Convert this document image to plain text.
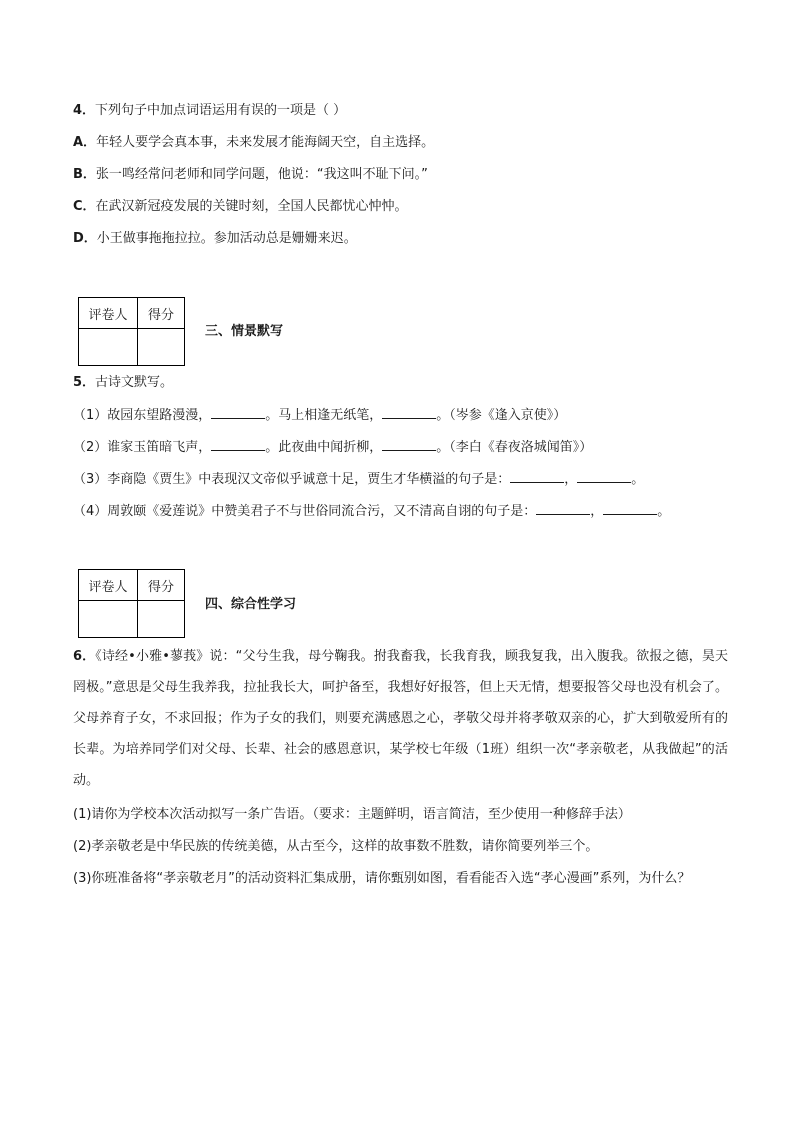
4．下列句子中加点词语运用有误的一项是（ ）
A．年轻人要学会真本事，未来发展才能海阔天空，自主选择。
B．张一鸣经常问老师和同学问题，他说：“我这叫不耻下问。”
C．在武汉新冠疫发展的关键时刻，全国人民都忧心忡忡。
D．小王做事拖拖拉拉。参加活动总是姗姗来迟。
评卷人	得分

三、情景默写
5．古诗文默写。
（1）故园东望路漫漫，	。马上相逢无纸笔，	。（岑参《逢入京使》）
（2）谁家玉笛暗飞声，	。此夜曲中闻折柳，	。（李白《春夜洛城闻笛》）
（3）李商隐《贾生》中表现汉文帝似乎诚意十足，贾生才华横溢的句子是：	，	。
（4）周敦颐《爱莲说》中赞美君子不与世俗同流合污，又不清高自诩的句子是：	，	。
评卷人	得分

四、综合性学习
6．《诗经•小雅•蓼莪》说：“父兮生我，母兮鞠我。拊我畜我，长我育我，顾我复我，出入腹我。欲报之德，昊天罔极。”意思是父母生我养我，拉扯我长大，呵护备至，我想好好报答，但上天无情，想要报答父母也没有机会了。父母养育子女，不求回报；作为子女的我们，则要充满感恩之心，孝敬父母并将孝敬双亲的心，扩大到敬爱所有的长辈。为培养同学们对父母、长辈、社会的感恩意识，某学校七年级（1班）组织一次“孝亲敬老，从我做起”的活动。
(1)请你为学校本次活动拟写一条广告语。（要求：主题鲜明，语言简洁，至少使用一种修辞手法）
(2)孝亲敬老是中华民族的传统美德，从古至今，这样的故事数不胜数，请你简要列举三个。
(3)你班准备将“孝亲敬老月”的活动资料汇集成册，请你甄别如图，看看能否入选“孝心漫画”系列，为什么？
